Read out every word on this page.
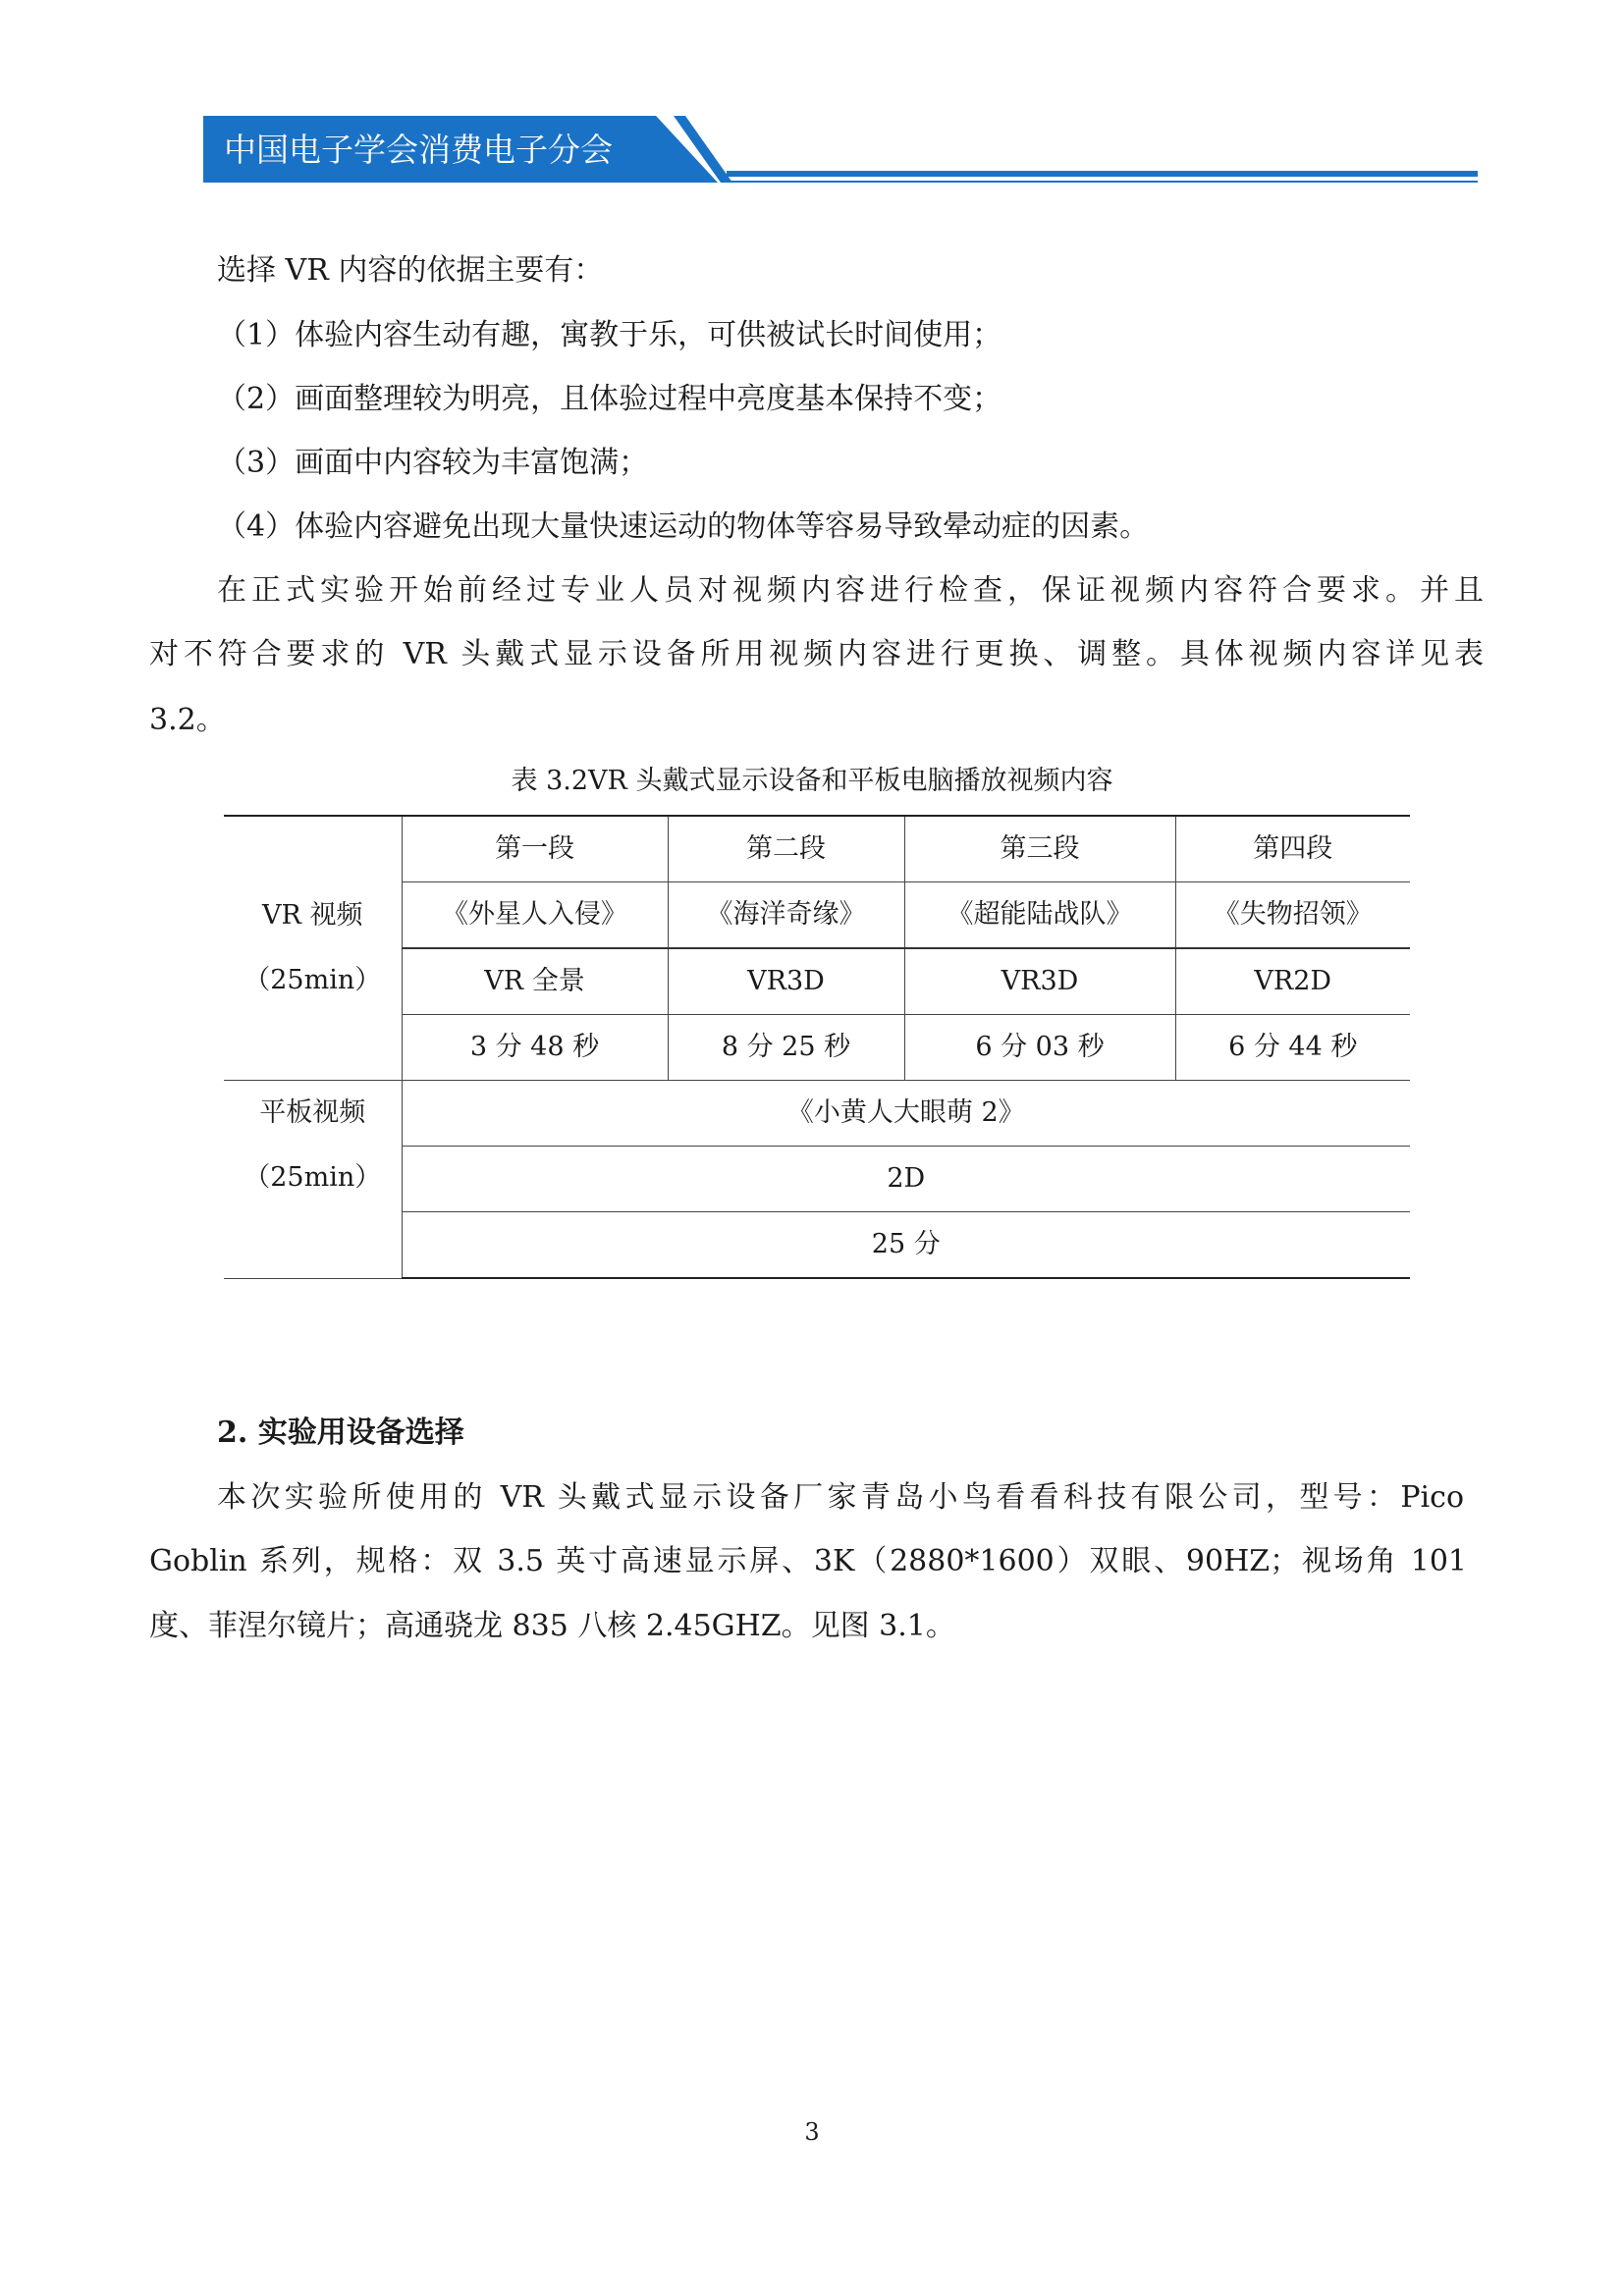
中国电子学会消费电子分会
选择 VR 内容的依据主要有：
（1）体验内容生动有趣，寓教于乐，可供被试长时间使用；
（2）画面整理较为明亮，且体验过程中亮度基本保持不变；
（3）画面中内容较为丰富饱满；
（4）体验内容避免出现大量快速运动的物体等容易导致晕动症的因素。
在正式实验开始前经过专业人员对视频内容进行检查，保证视频内容符合要求。并且
对不符合要求的 VR 头戴式显示设备所用视频内容进行更换、调整。具体视频内容详见表
3.2。
表 3.2VR 头戴式显示设备和平板电脑播放视频内容
VR 视频
（25min）	第一段	第二段	第三段	第四段
	《外星人入侵》	《海洋奇缘》	《超能陆战队》	《失物招领》
	VR 全景	VR3D	VR3D	VR2D
	3 分 48 秒	8 分 25 秒	6 分 03 秒	6 分 44 秒

平板视频
（25min）	《小黄人大眼萌 2》			
	2D			
	25 分			
2. 实验用设备选择
本次实验所使用的 VR 头戴式显示设备厂家青岛小鸟看看科技有限公司，型号：Pico
Goblin 系列，规格：双 3.5 英寸高速显示屏、3K（2880*1600）双眼、90HZ；视场角 101
度、菲涅尔镜片；高通骁龙 835 八核 2.45GHZ。见图 3.1。
3
